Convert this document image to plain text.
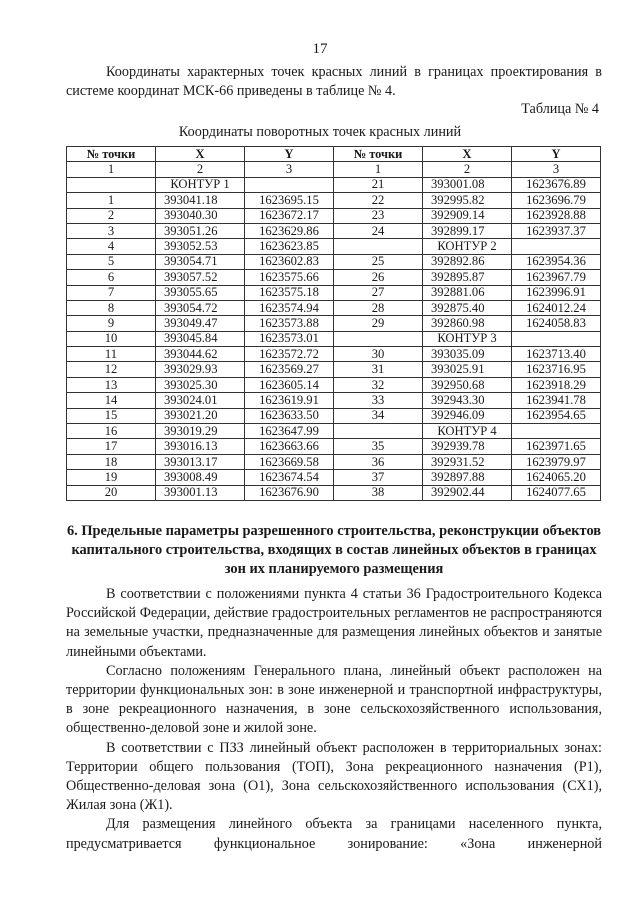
17
Координаты характерных точек красных линий в границах проектирования в системе координат МСК-66 приведены в таблице № 4.
Таблица № 4
Координаты поворотных точек красных линий
№ точки	X	Y	№ точки	X	Y
1	2	3	1	2	3
	КОНТУР 1		21	393001.08	1623676.89
1	393041.18	1623695.15	22	392995.82	1623696.79
2	393040.30	1623672.17	23	392909.14	1623928.88
3	393051.26	1623629.86	24	392899.17	1623937.37
4	393052.53	1623623.85		КОНТУР 2	
5	393054.71	1623602.83	25	392892.86	1623954.36
6	393057.52	1623575.66	26	392895.87	1623967.79
7	393055.65	1623575.18	27	392881.06	1623996.91
8	393054.72	1623574.94	28	392875.40	1624012.24
9	393049.47	1623573.88	29	392860.98	1624058.83
10	393045.84	1623573.01		КОНТУР 3	
11	393044.62	1623572.72	30	393035.09	1623713.40
12	393029.93	1623569.27	31	393025.91	1623716.95
13	393025.30	1623605.14	32	392950.68	1623918.29
14	393024.01	1623619.91	33	392943.30	1623941.78
15	393021.20	1623633.50	34	392946.09	1623954.65
16	393019.29	1623647.99		КОНТУР 4	
17	393016.13	1623663.66	35	392939.78	1623971.65
18	393013.17	1623669.58	36	392931.52	1623979.97
19	393008.49	1623674.54	37	392897.88	1624065.20
20	393001.13	1623676.90	38	392902.44	1624077.65
6. Предельные параметры разрешенного строительства, реконструкции объектов капитального строительства, входящих в состав линейных объектов в границах зон их планируемого размещения

В соответствии с положениями пункта 4 статьи 36 Градостроительного Кодекса Российской Федерации, действие градостроительных регламентов не распространяются на земельные участки, предназначенные для размещения линейных объектов и занятые линейными объектами.

Согласно положениям Генерального плана, линейный объект расположен на территории функциональных зон: в зоне инженерной и транспортной инфраструктуры, в зоне рекреационного назначения, в зоне сельскохозяйственного использования, общественно-деловой зоне и жилой зоне.

В соответствии с ПЗЗ линейный объект расположен в территориальных зонах: Территории общего пользования (ТОП), Зона рекреационного назначения (Р1), Общественно-деловая зона (О1), Зона сельскохозяйственного использования (СХ1), Жилая зона (Ж1).

Для размещения линейного объекта за границами населенного пункта, предусматривается функциональное зонирование: «Зона инженерной
